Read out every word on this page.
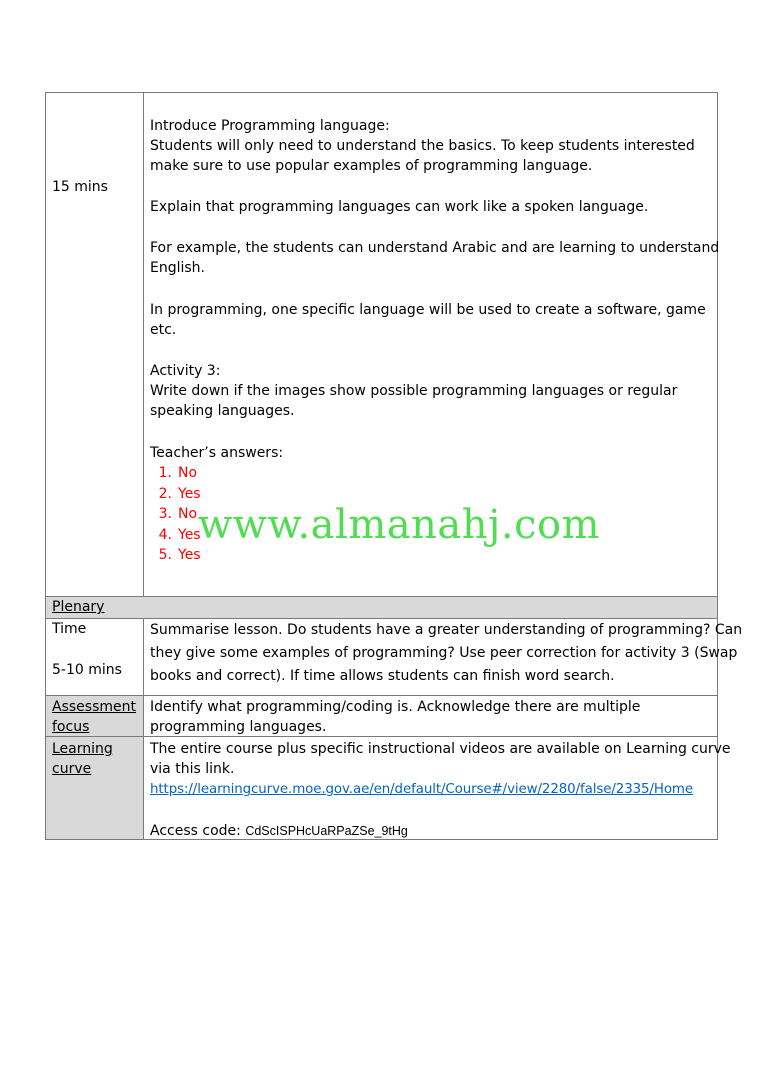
15 mins
Introduce Programming language:
Students will only need to understand the basics. To keep students interested
make sure to use popular examples of programming language.
Explain that programming languages can work like a spoken language.
For example, the students can understand Arabic and are learning to understand
English.
In programming, one specific language will be used to create a software, game
etc.
Activity 3:
Write down if the images show possible programming languages or regular
speaking languages.
Teacher’s answers:
1. No
2. Yes
3. No
4. Yes
5. Yes
Plenary
Time
5-10 mins
Summarise lesson. Do students have a greater understanding of programming? Can
they give some examples of programming? Use peer correction for activity 3 (Swap
books and correct). If time allows students can finish word search.
Assessment
focus
Identify what programming/coding is. Acknowledge there are multiple
programming languages.
Learning
curve
The entire course plus specific instructional videos are available on Learning curve
via this link.
https://learningcurve.moe.gov.ae/en/default/Course#/view/2280/false/2335/Home
Access code: CdScISPHcUaRPaZSe_9tHg
www.almanahj.com
